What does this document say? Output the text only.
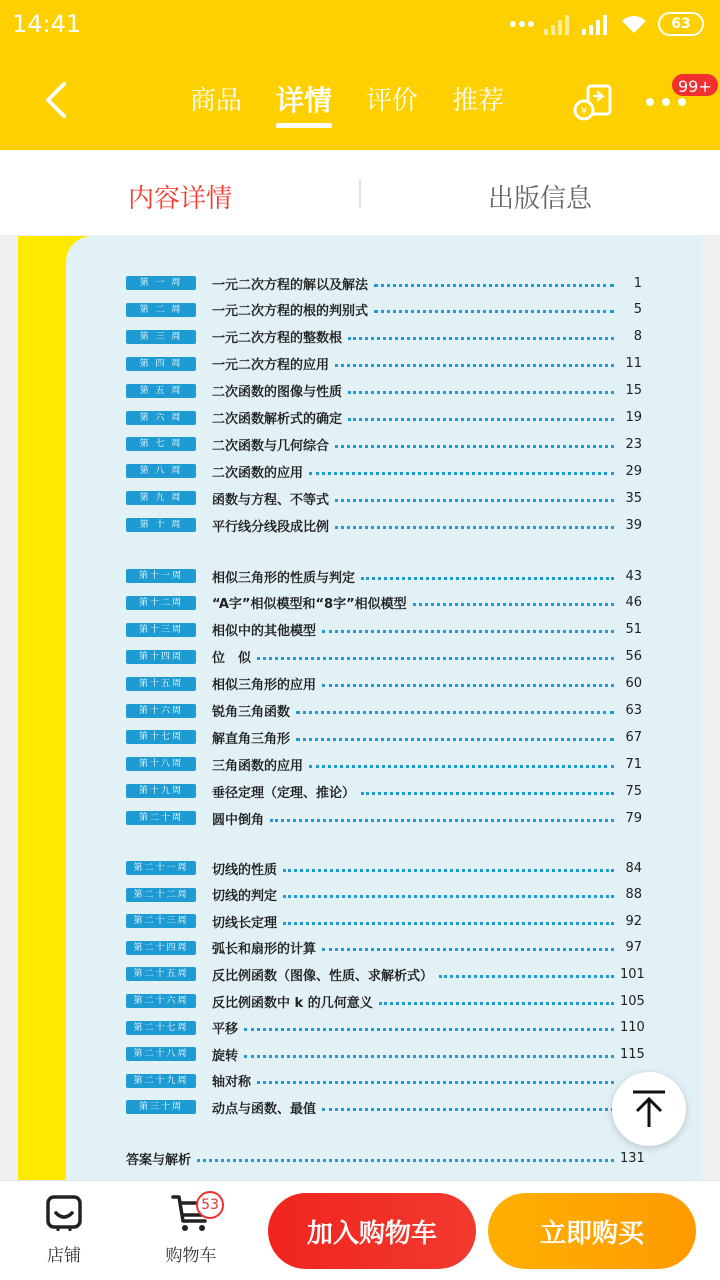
14:41	63
商品 详情 评价 推荐	¥
99+
内容详情	出版信息
第 一 周	一元二次方程的解以及解法	1
第 二 周	一元二次方程的根的判别式	5
第 三 周	一元二次方程的整数根	8
第 四 周	一元二次方程的应用	11
第 五 周	二次函数的图像与性质	15
第 六 周	二次函数解析式的确定	19
第 七 周	二次函数与几何综合	23
第 八 周	二次函数的应用	29
第 九 周	函数与方程、不等式	35
第 十 周	平行线分线段成比例	39
第十一周	相似三角形的性质与判定	43
第十二周	“A字”相似模型和“8字”相似模型	46
第十三周	相似中的其他模型	51
第十四周	位　似	56
第十五周	相似三角形的应用	60
第十六周	锐角三角函数	63
第十七周	解直角三角形	67
第十八周	三角函数的应用	71
第十九周	垂径定理（定理、推论）	75
第二十周	圆中倒角	79
第二十一周	切线的性质	84
第二十二周	切线的判定	88
第二十三周	切线长定理	92
第二十四周	弧长和扇形的计算	97
第二十五周	反比例函数（图像、性质、求解析式）	101
第二十六周	反比例函数中 k 的几何意义	105
第二十七周	平移	110
第二十八周	旋转	115
第二十九周	轴对称
第三十周	动点与函数、最值
答案与解析	131
店铺
53
购物车
加入购物车	立即购买
